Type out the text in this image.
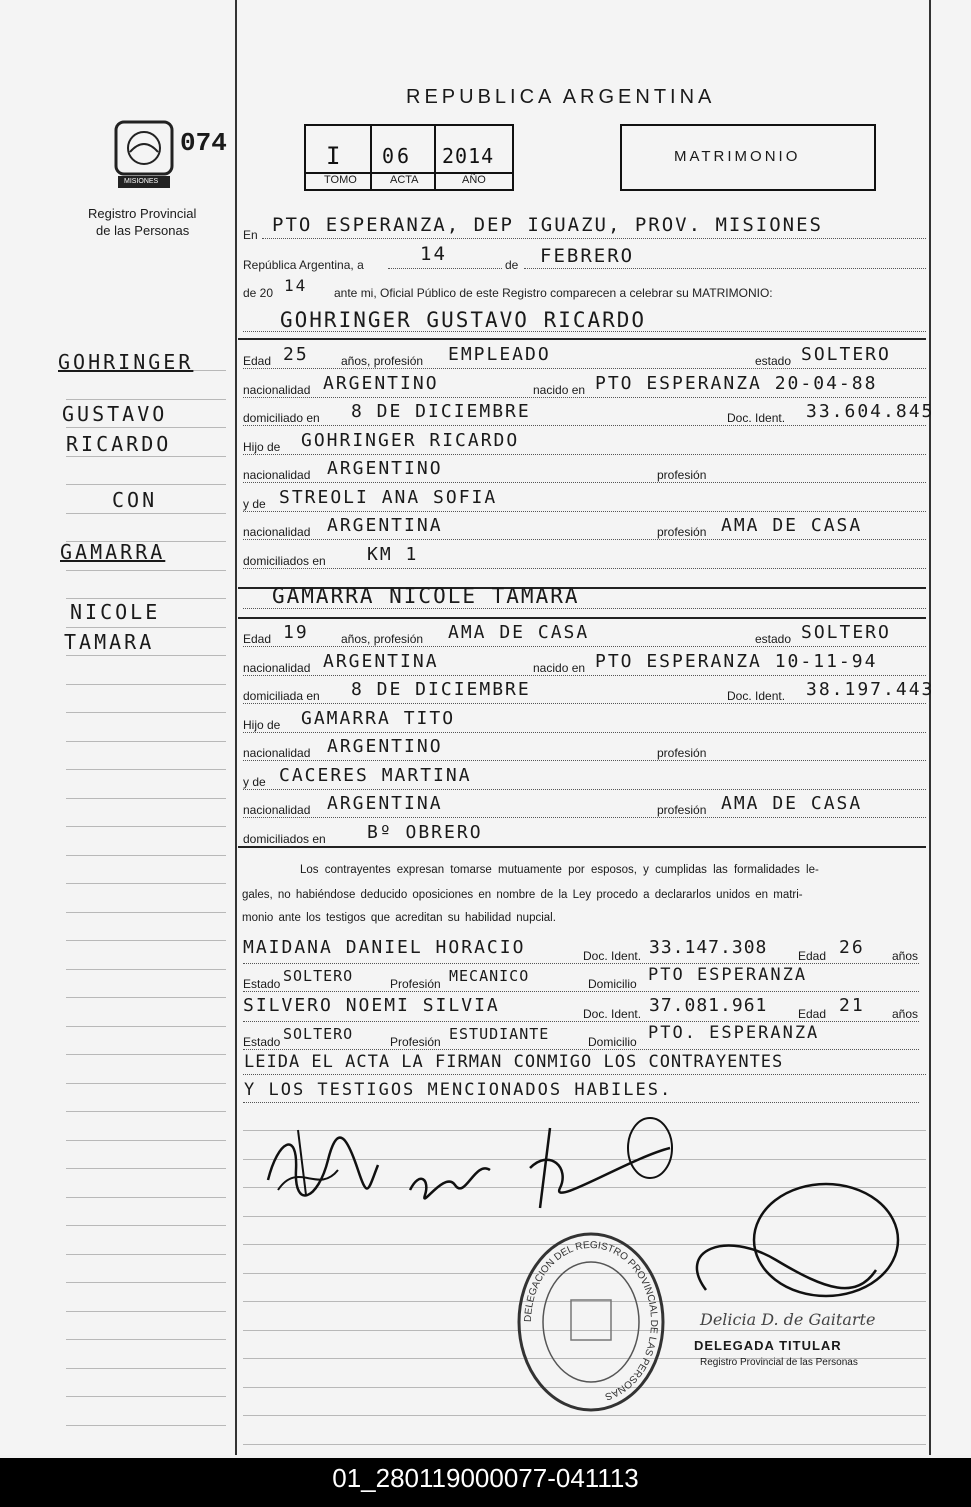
MISIONES
074
Registro Provincial
de las Personas
REPUBLICA ARGENTINA
I 06 2014
TOMO	ACTA	AÑO
MATRIMONIO
En PTO ESPERANZA, DEP IGUAZU, PROV. MISIONES
República Argentina, a	14	de FEBRERO
de 20 14 ante mi, Oficial Público de este Registro comparecen a celebrar su MATRIMONIO:
GOHRINGER GUSTAVO RICARDO
Edad 25	años, profesión EMPLEADO	estado SOLTERO
nacionalidad ARGENTINO	nacido en PTO ESPERANZA 20-04-88
domiciliado en 8 DE DICIEMBRE	Doc. Ident. 33.604.845
Hijo de GOHRINGER RICARDO
nacionalidad ARGENTINO	profesión
y de STREOLI ANA SOFIA
nacionalidad ARGENTINA	profesión AMA DE CASA
domiciliados en KM 1
GAMARRA NICOLE TAMARA
Edad 19	años, profesión AMA DE CASA	estado SOLTERO
nacionalidad ARGENTINA	nacido en PTO ESPERANZA 10-11-94
domiciliada en 8 DE DICIEMBRE	Doc. Ident. 38.197.443
Hijo de GAMARRA TITO
nacionalidad ARGENTINO	profesión
y de CACERES MARTINA
nacionalidad ARGENTINA	profesión AMA DE CASA
domiciliados en Bº OBRERO
Los contrayentes expresan tomarse mutuamente por esposos, y cumplidas las formalidades le-
gales, no habiéndose deducido oposiciones en nombre de la Ley procedo a declararlos unidos en matri-
monio ante los testigos que acreditan su habilidad nupcial.
MAIDANA DANIEL HORACIO	Doc. Ident. 33.147.308	Edad 26 años
Estado SOLTERO	Profesión MECANICO	Domicilio PTO ESPERANZA
SILVERO NOEMI SILVIA	Doc. Ident. 37.081.961	Edad 21 años
Estado SOLTERO	Profesión ESTUDIANTE	Domicilio PTO. ESPERANZA
LEIDA EL ACTA LA FIRMAN CONMIGO LOS CONTRAYENTES
Y LOS TESTIGOS MENCIONADOS HABILES.
DELEGACION DEL REGISTRO PROVINCIAL DE LAS PERSONAS
Delicia D. de Gaitarte
DELEGADA TITULAR
Registro Provincial de las Personas
GOHRINGER
GUSTAVO
RICARDO
CON
GAMARRA
NICOLE
TAMARA
01_280119000077-041113
